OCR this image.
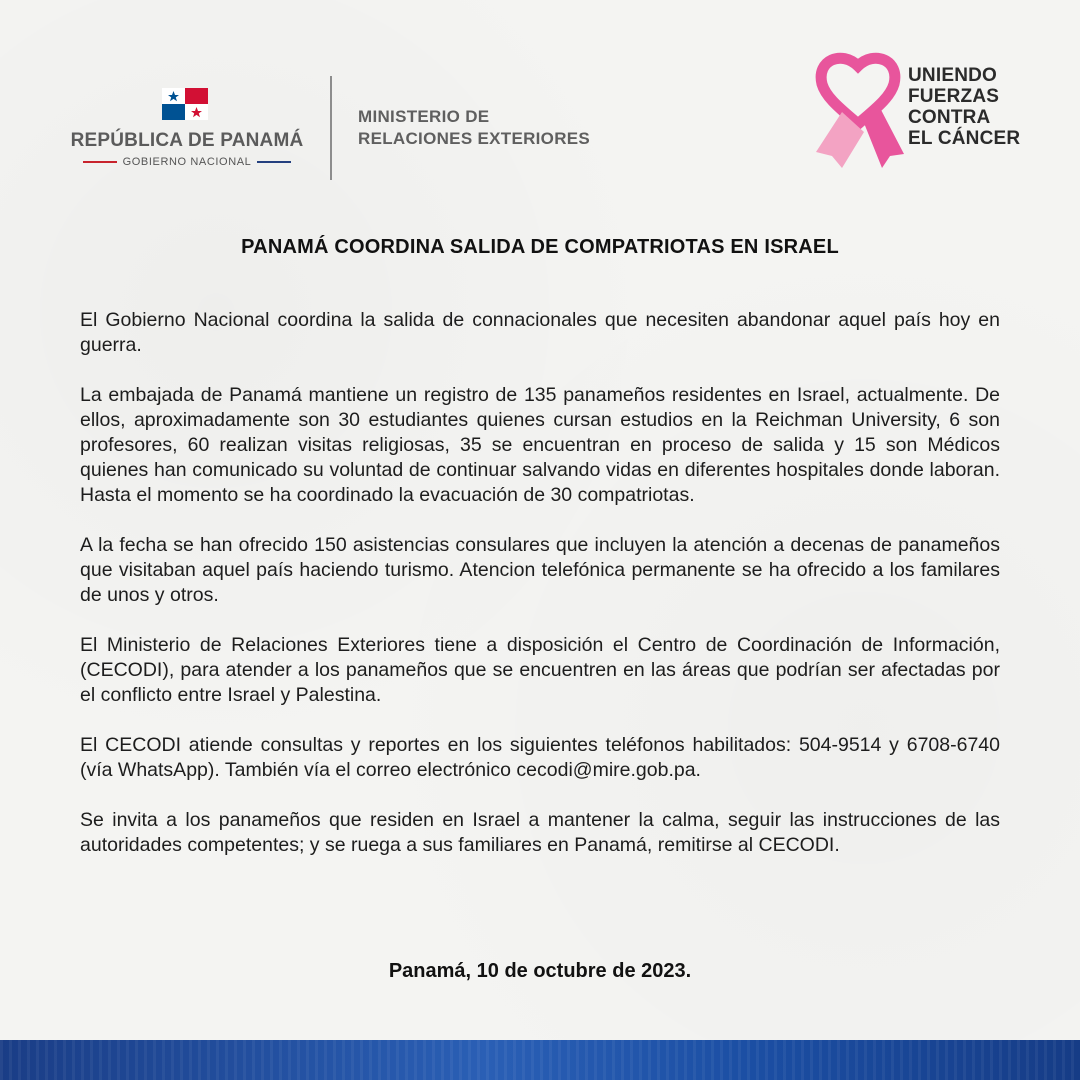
REPÚBLICA DE PANAMÁ
GOBIERNO NACIONAL
MINISTERIO DE
RELACIONES EXTERIORES
UNIENDO
FUERZAS
CONTRA
EL CÁNCER
PANAMÁ COORDINA SALIDA DE COMPATRIOTAS EN ISRAEL

El Gobierno Nacional coordina la salida de connacionales que necesiten abandonar aquel país hoy en guerra.

La embajada de Panamá mantiene un registro de 135 panameños residentes en Israel, actualmente. De ellos, aproximadamente son 30 estudiantes quienes cursan estudios en la Reichman University, 6 son profesores, 60 realizan visitas religiosas, 35 se encuentran en proceso de salida y 15 son Médicos quienes han comunicado su voluntad de continuar salvando vidas en diferentes hospitales donde laboran. Hasta el momento se ha coordinado la evacuación de 30 compatriotas.

A la fecha se han ofrecido 150 asistencias consulares que incluyen la atención a decenas de panameños que visitaban aquel país haciendo turismo. Atencion telefónica permanente se ha ofrecido a los familares de unos y otros.

El Ministerio de Relaciones Exteriores tiene a disposición el Centro de Coordinación de Información, (CECODI), para atender a los panameños que se encuentren en las áreas que podrían ser afectadas por el conflicto entre Israel y Palestina.

El CECODI atiende consultas y reportes en los siguientes teléfonos habilitados: 504-9514 y 6708-6740 (vía WhatsApp). También vía el correo electrónico cecodi@mire.gob.pa.

Se invita a los panameños que residen en Israel a mantener la calma, seguir las instrucciones de las autoridades competentes; y se ruega a sus familiares en Panamá, remitirse al CECODI.

Panamá, 10 de octubre de 2023.
